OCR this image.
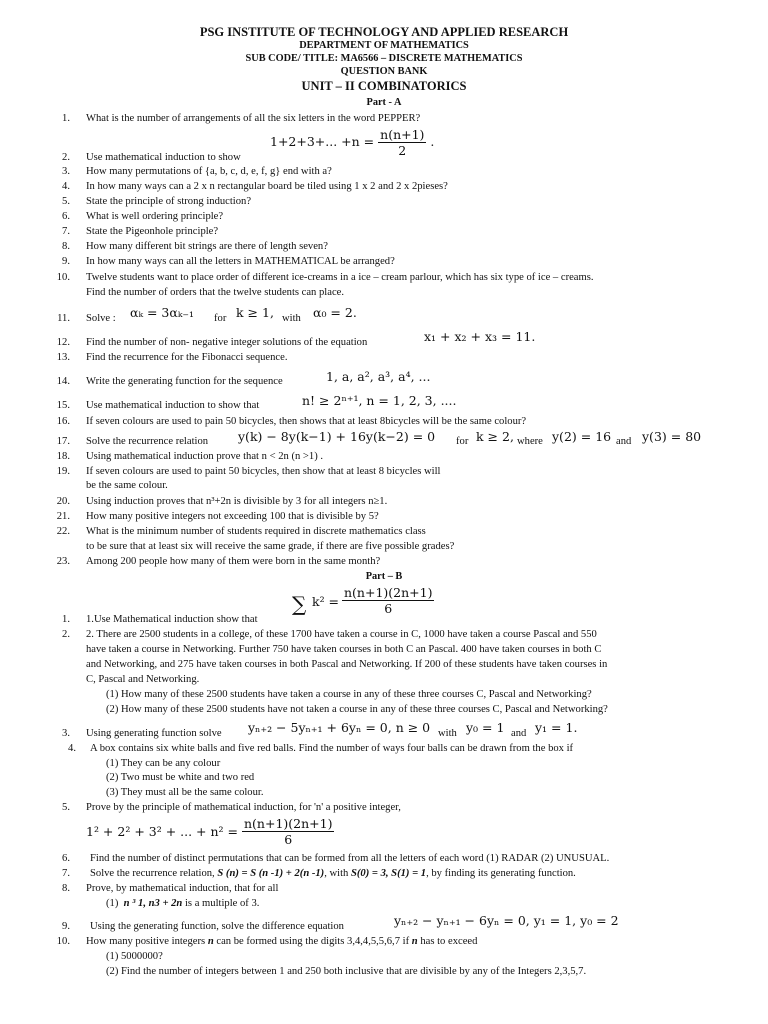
PSG INSTITUTE OF TECHNOLOGY AND APPLIED RESEARCH
DEPARTMENT OF MATHEMATICS
SUB CODE/ TITLE: MA6566 – DISCRETE MATHEMATICS
QUESTION BANK
UNIT – II COMBINATORICS
Part - A
1.
2.
3.
4.
5.
6.
7.
8.
9.
10.
11.
12.
13.
14.
15.
16.
17.
18.
19.
20.
21.
22.
23.
What is the number of arrangements of all the six letters in the word PEPPER?
1+2+3+... $+n = \frac{n(n+1)}{2}$ .
Use mathematical induction to show
How many permutations of {a, b, c, d, e, f, g} end with a?
In how many ways can a 2 x n rectangular board be tiled using 1 x 2 and 2 x 2pieses?
State the principle of strong induction?
What is well ordering principle?
State the Pigeonhole principle?
How many different bit strings are there of length seven?
In how many ways can all the letters in MATHEMATICAL be arranged?
Twelve students want to place order of different ice-creams in a ice – cream parlour, which has six type of ice – creams.
Find the number of orders that the twelve students can place.
Solve : αₖ = 3αₖ₋₁ for k ≥ 1, with α₀ = 2.
Find the number of non- negative integer solutions of the equation	x₁ + x₂ + x₃ = 11.
Find the recurrence for the Fibonacci sequence.
Write the generating function for the sequence	1, a, a², a³, a⁴, ...
Use mathematical induction to show that	n! ≥ 2ⁿ⁺¹, n = 1, 2, 3, ....
If seven colours are used to pain 50 bicycles, then shows that at least 8bicycles will be the same colour?
Solve the recurrence relation y(k) − 8y(k−1) + 16y(k−2) = 0 for k ≥ 2, where y(2) = 16 and y(3) = 80
Using mathematical induction prove that n < 2n (n >1) .
If seven colours are used to paint 50 bicycles, then show that at least 8 bicycles will
be the same colour.
Using induction proves that n³+2n is divisible by 3 for all integers n≥1.
How many positive integers not exceeding 100 that is divisible by 5?
What is the minimum number of students required in discrete mathematics class
to be sure that at least six will receive the same grade, if there are five possible grades?
Among 200 people how many of them were born in the same month?
Part – B
1.
2.
3.
4.
5.
6.
7.
8.
9.
10.
∑ $k^2 = \frac{n(n+1)(2n+1)}{6}$
1.Use Mathematical induction show that
2. There are 2500 students in a college, of these 1700 have taken a course in C, 1000 have taken a course Pascal and 550
have taken a course in Networking. Further 750 have taken courses in both C an Pascal. 400 have taken courses in both C
and Networking, and 275 have taken courses in both Pascal and Networking. If 200 of these students have taken courses in
C, Pascal and Networking.
(1) How many of these 2500 students have taken a course in any of these three courses C, Pascal and Networking?
(2) How many of these 2500 students have not taken a course in any of these three courses C, Pascal and Networking?
Using generating function solve yₙ₊₂ − 5yₙ₊₁ + 6yₙ = 0, n ≥ 0 with y₀ = 1 and y₁ = 1.
A box contains six white balls and five red balls. Find the number of ways four balls can be drawn from the box if
(1) They can be any colour
(2) Two must be white and two red
(3) They must all be the same colour.
Prove by the principle of mathematical induction, for 'n' a positive integer,
1² + 2² + 3² + ... + $n^2 = \frac{n(n+1)(2n+1)}{6}$
Find the number of distinct permutations that can be formed from all the letters of each word (1) RADAR (2) UNUSUAL.
Solve the recurrence relation, S (n) = S (n -1) + 2(n -1), with S(0) = 3, S(1) = 1, by finding its generating function.
Prove, by mathematical induction, that for all
(1) n ³ 1, n3 + 2n is a multiple of 3.
Using the generating function, solve the difference equation	yₙ₊₂ − yₙ₊₁ − 6yₙ = 0, y₁ = 1, y₀ = 2
How many positive integers n can be formed using the digits 3,4,4,5,5,6,7 if n has to exceed
(1) 5000000?
(2) Find the number of integers between 1 and 250 both inclusive that are divisible by any of the Integers 2,3,5,7.
